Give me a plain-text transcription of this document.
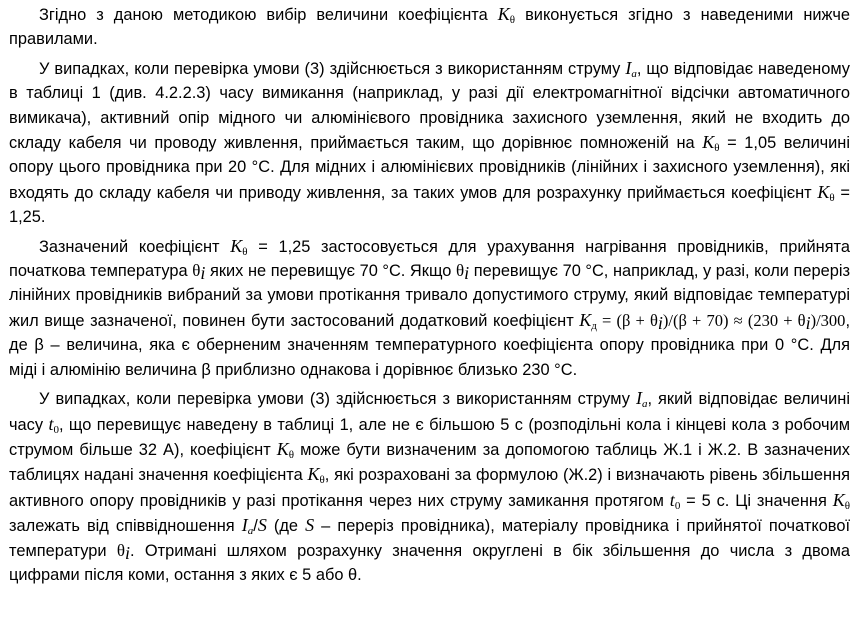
Згідно з даною методикою вибір величини коефіцієнта $K_\theta$ виконується згідно з наведеними нижче правилами.

У випадках, коли перевірка умови (3) здійснюється з використанням струму $I_a$, що відповідає наведеному в таблиці 1 (див. 4.2.2.3) часу вимикання (наприклад, у разі дії електромагнітної відсічки автоматичного вимикача), активний опір мідного чи алюмінієвого провідника захисного уземлення, який не входить до складу кабеля чи проводу живлення, приймається таким, що дорівнює помноженій на $K_\theta = 1,05$ величині опору цього провідника при 20 °С. Для мідних і алюмінієвих провідників (лінійних і захисного уземлення), які входять до складу кабеля чи приводу живлення, за таких умов для розрахунку приймається коефіцієнт $K_\theta = 1,25$.

Зазначений коефіцієнт $K_\theta = 1,25$ застосовується для урахування нагрівання провідників, прийнята початкова температура $\theta_i$ яких не перевищує 70 °С. Якщо $\theta_i$ перевищує 70 °С, наприклад, у разі, коли переріз лінійних провідників вибраний за умови протікання тривало допустимого струму, який відповідає температурі жил вище зазначеної, повинен бути застосований додатковий коефіцієнт $K_д = (\beta + \theta_i)/(\beta + 70) \approx (230 + \theta_i)/300$, де β – величина, яка є оберненим значенням температурного коефіцієнта опору провідника при 0 °С. Для міді і алюмінію величина β приблизно однакова і дорівнює близько 230 °С.

У випадках, коли перевірка умови (3) здійснюється з використанням струму $I_a$, який відповідає величині часу $t_0$, що перевищує наведену в таблиці 1, але не є більшою 5 с (розподільні кола і кінцеві кола з робочим струмом більше 32 А), коефіцієнт $K_\theta$ може бути визначеним за допомогою таблиць Ж.1 і Ж.2. В зазначених таблицях надані значення коефіцієнта $K_\theta$, які розраховані за формулою (Ж.2) і визначають рівень збільшення активного опору провідників у разі протікання через них струму замикання протягом $t_0 = 5$ с. Ці значення $K_\theta$ залежать від співвідношення $I_a/S$ (де S – переріз провідника), матеріалу провідника і прийнятої початкової температури $\theta_i$. Отримані шляхом розрахунку значення округлені в бік збільшення до числа з двома цифрами після коми, остання з яких є 5 або θ.
